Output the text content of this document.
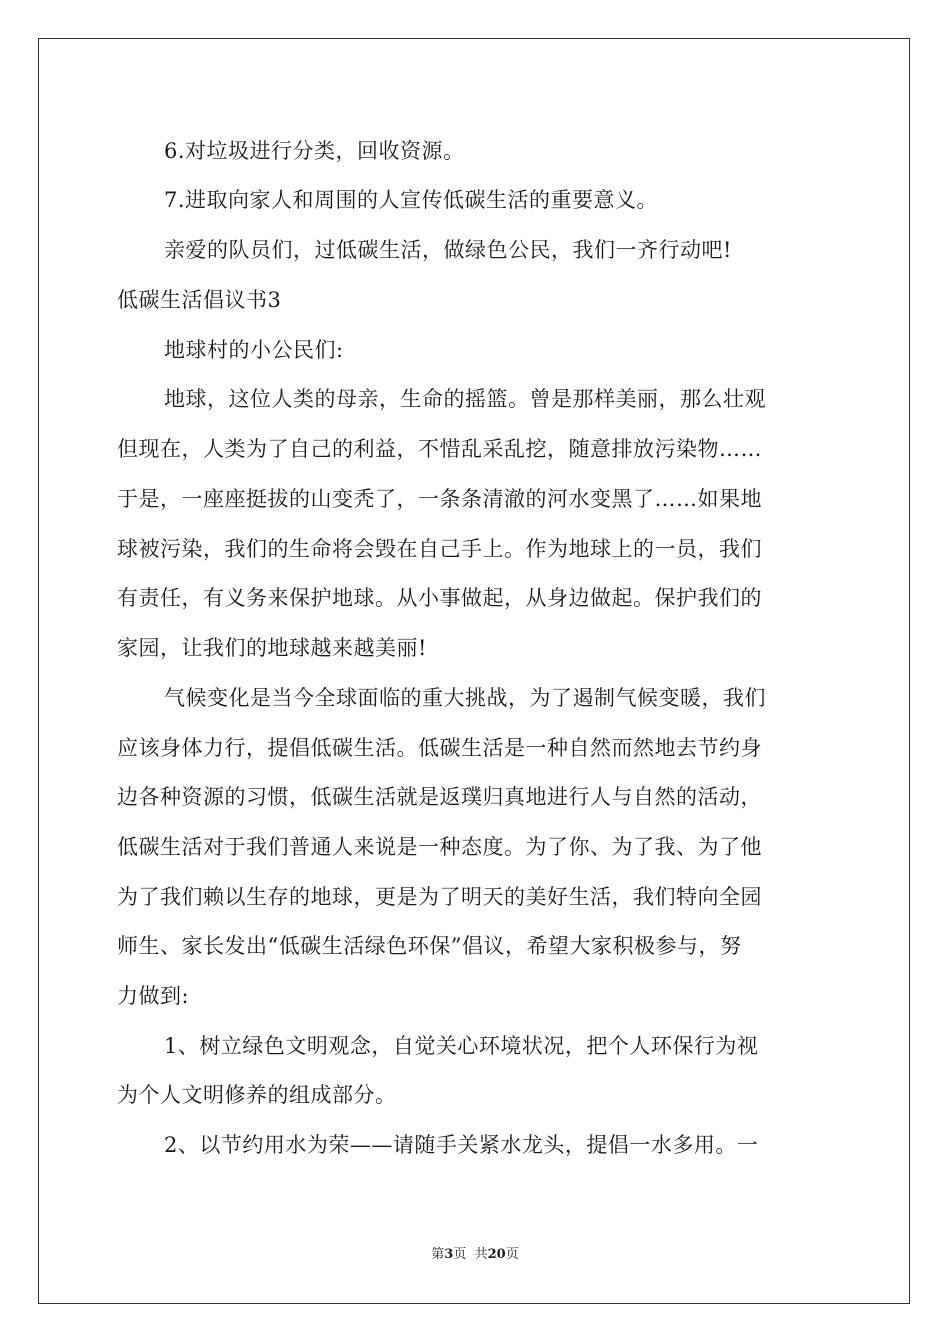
6.对垃圾进行分类，回收资源。
7.进取向家人和周围的人宣传低碳生活的重要意义。
亲爱的队员们，过低碳生活，做绿色公民，我们一齐行动吧!
低碳生活倡议书3
地球村的小公民们:
地球，这位人类的母亲，生命的摇篮。曾是那样美丽，那么壮观
但现在，人类为了自己的利益，不惜乱采乱挖，随意排放污染物……
于是，一座座挺拔的山变秃了，一条条清澈的河水变黑了……如果地
球被污染，我们的生命将会毁在自己手上。作为地球上的一员，我们
有责任，有义务来保护地球。从小事做起，从身边做起。保护我们的
家园，让我们的地球越来越美丽!
气候变化是当今全球面临的重大挑战，为了遏制气候变暖，我们
应该身体力行，提倡低碳生活。低碳生活是一种自然而然地去节约身
边各种资源的习惯，低碳生活就是返璞归真地进行人与自然的活动，
低碳生活对于我们普通人来说是一种态度。为了你、为了我、为了他
为了我们赖以生存的地球，更是为了明天的美好生活，我们特向全园
师生、家长发出“低碳生活绿色环保”倡议，希望大家积极参与，努
力做到:
1、树立绿色文明观念，自觉关心环境状况，把个人环保行为视
为个人文明修养的组成部分。
2、以节约用水为荣——请随手关紧水龙头，提倡一水多用。一
第3页  共20页
